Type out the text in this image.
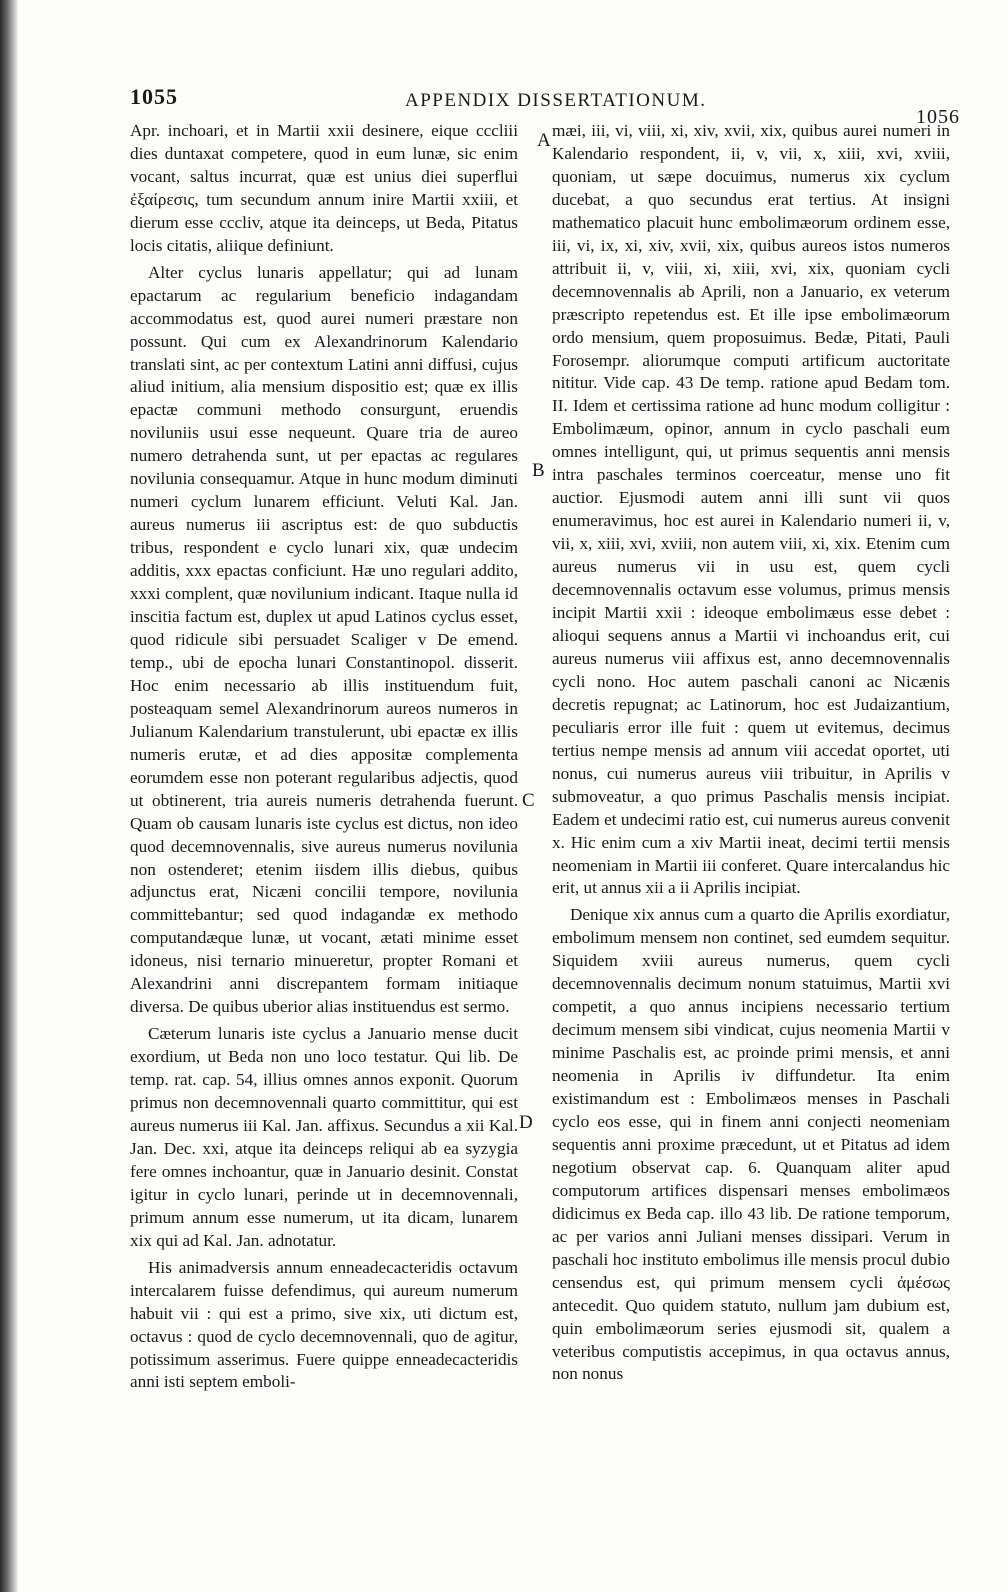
1055	APPENDIX DISSERTATIONUM.
1056

Apr. inchoari, et in Martii xxii desinere, eique cccliii dies duntaxat competere, quod in eum lunæ, sic enim vocant, saltus incurrat, quæ est unius diei superflui ἐξαίρεσις, tum secundum annum inire Martii xxiii, et dierum esse cccliv, atque ita deinceps, ut Beda, Pitatus locis citatis, aliique definiunt.

Alter cyclus lunaris appellatur; qui ad lunam epactarum ac regularium beneficio indagandam accommodatus est, quod aurei numeri præstare non possunt. Qui cum ex Alexandrinorum Kalendario translati sint, ac per contextum Latini anni diffusi, cujus aliud initium, alia mensium dispositio est; quæ ex illis epactæ communi methodo consurgunt, eruendis noviluniis usui esse nequeunt. Quare tria de aureo numero detrahenda sunt, ut per epactas ac regulares novilunia consequamur. Atque in hunc modum diminuti numeri cyclum lunarem efficiunt. Veluti Kal. Jan. aureus numerus iii ascriptus est: de quo subductis tribus, respondent e cyclo lunari xix, quæ undecim additis, xxx epactas conficiunt. Hæ uno regulari addito, xxxi complent, quæ novilunium indicant. Itaque nulla id inscitia factum est, duplex ut apud Latinos cyclus esset, quod ridicule sibi persuadet Scaliger v De emend. temp., ubi de epocha lunari Constantinopol. disserit. Hoc enim necessario ab illis instituendum fuit, posteaquam semel Alexandrinorum aureos numeros in Julianum Kalendarium transtulerunt, ubi epactæ ex illis numeris erutæ, et ad dies appositæ complementa eorumdem esse non poterant regularibus adjectis, quod ut obtinerent, tria aureis numeris detrahenda fuerunt. Quam ob causam lunaris iste cyclus est dictus, non ideo quod decemnovennalis, sive aureus numerus novilunia non ostenderet; etenim iisdem illis diebus, quibus adjunctus erat, Nicæni concilii tempore, novilunia committebantur; sed quod indagandæ ex methodo computandæque lunæ, ut vocant, ætati minime esset idoneus, nisi ternario minueretur, propter Romani et Alexandrini anni discrepantem formam initiaque diversa. De quibus uberior alias instituendus est sermo.

Cæterum lunaris iste cyclus a Januario mense ducit exordium, ut Beda non uno loco testatur. Qui lib. De temp. rat. cap. 54, illius omnes annos exponit. Quorum primus non decemnovennali quarto committitur, qui est aureus numerus iii Kal. Jan. affixus. Secundus a xii Kal. Jan. Dec. xxi, atque ita deinceps reliqui ab ea syzygia fere omnes inchoantur, quæ in Januario desinit. Constat igitur in cyclo lunari, perinde ut in decemnovennali, primum annum esse numerum, ut ita dicam, lunarem xix qui ad Kal. Jan. adnotatur.

His animadversis annum enneadecacteridis octavum intercalarem fuisse defendimus, qui aureum numerum habuit vii : qui est a primo, sive xix, uti dictum est, octavus : quod de cyclo decemnovennali, quo de agitur, potissimum asserimus. Fuere quippe enneadecacteridis anni isti septem emboli-

A
B
C
D

mæi, iii, vi, viii, xi, xiv, xvii, xix, quibus aurei numeri in Kalendario respondent, ii, v, vii, x, xiii, xvi, xviii, quoniam, ut sæpe docuimus, numerus xix cyclum ducebat, a quo secundus erat tertius. At insigni mathematico placuit hunc embolimæorum ordinem esse, iii, vi, ix, xi, xiv, xvii, xix, quibus aureos istos numeros attribuit ii, v, viii, xi, xiii, xvi, xix, quoniam cycli decemnovennalis ab Aprili, non a Januario, ex veterum præscripto repetendus est. Et ille ipse embolimæorum ordo mensium, quem proposuimus. Bedæ, Pitati, Pauli Forosempr. aliorumque computi artificum auctoritate nititur. Vide cap. 43 De temp. ratione apud Bedam tom. II. Idem et certissima ratione ad hunc modum colligitur : Embolimæum, opinor, annum in cyclo paschali eum omnes intelligunt, qui, ut primus sequentis anni mensis intra paschales terminos coerceatur, mense uno fit auctior. Ejusmodi autem anni illi sunt vii quos enumeravimus, hoc est aurei in Kalendario numeri ii, v, vii, x, xiii, xvi, xviii, non autem viii, xi, xix. Etenim cum aureus numerus vii in usu est, quem cycli decemnovennalis octavum esse volumus, primus mensis incipit Martii xxii : ideoque embolimæus esse debet : alioqui sequens annus a Martii vi inchoandus erit, cui aureus numerus viii affixus est, anno decemnovennalis cycli nono. Hoc autem paschali canoni ac Nicænis decretis repugnat; ac Latinorum, hoc est Judaizantium, peculiaris error ille fuit : quem ut evitemus, decimus tertius nempe mensis ad annum viii accedat oportet, uti nonus, cui numerus aureus viii tribuitur, in Aprilis v submoveatur, a quo primus Paschalis mensis incipiat. Eadem et undecimi ratio est, cui numerus aureus convenit x. Hic enim cum a xiv Martii ineat, decimi tertii mensis neomeniam in Martii iii conferet. Quare intercalandus hic erit, ut annus xii a ii Aprilis incipiat.

Denique xix annus cum a quarto die Aprilis exordiatur, embolimum mensem non continet, sed eumdem sequitur. Siquidem xviii aureus numerus, quem cycli decemnovennalis decimum nonum statuimus, Martii xvi competit, a quo annus incipiens necessario tertium decimum mensem sibi vindicat, cujus neomenia Martii v minime Paschalis est, ac proinde primi mensis, et anni neomenia in Aprilis iv diffundetur. Ita enim existimandum est : Embolimæos menses in Paschali cyclo eos esse, qui in finem anni conjecti neomeniam sequentis anni proxime præcedunt, ut et Pitatus ad idem negotium observat cap. 6. Quanquam aliter apud computorum artifices dispensari menses embolimæos didicimus ex Beda cap. illo 43 lib. De ratione temporum, ac per varios anni Juliani menses dissipari. Verum in paschali hoc instituto embolimus ille mensis procul dubio censendus est, qui primum mensem cycli ἀμέσως antecedit. Quo quidem statuto, nullum jam dubium est, quin embolimæorum series ejusmodi sit, qualem a veteribus computistis accepimus, in qua octavus annus, non nonus
